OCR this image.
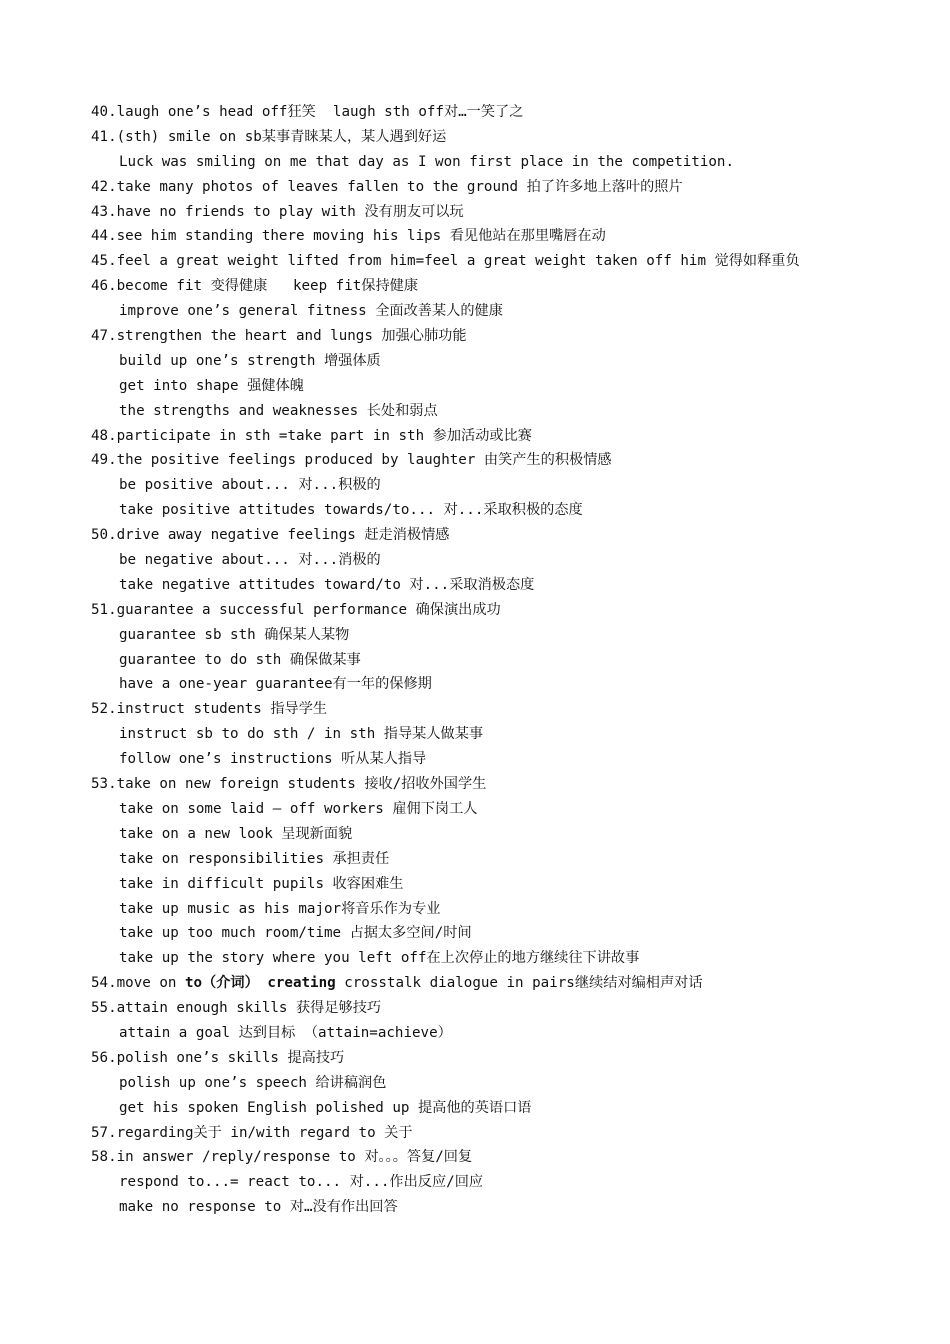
40.laugh one’s head off狂笑  laugh sth off对…一笑了之
41.(sth) smile on sb某事青睐某人，某人遇到好运
Luck was smiling on me that day as I won first place in the competition.
42.take many photos of leaves fallen to the ground 拍了许多地上落叶的照片
43.have no friends to play with 没有朋友可以玩
44.see him standing there moving his lips 看见他站在那里嘴唇在动
45.feel a great weight lifted from him=feel a great weight taken off him 觉得如释重负
46.become fit 变得健康   keep fit保持健康
improve one’s general fitness 全面改善某人的健康
47.strengthen the heart and lungs 加强心肺功能
build up one’s strength 增强体质
get into shape 强健体魄
the strengths and weaknesses 长处和弱点
48.participate in sth =take part in sth 参加活动或比赛
49.the positive feelings produced by laughter 由笑产生的积极情感
be positive about... 对...积极的
take positive attitudes towards/to... 对...采取积极的态度
50.drive away negative feelings 赶走消极情感
be negative about... 对...消极的
take negative attitudes toward/to 对...采取消极态度
51.guarantee a successful performance 确保演出成功
guarantee sb sth 确保某人某物
guarantee to do sth 确保做某事
have a one-year guarantee有一年的保修期
52.instruct students 指导学生
instruct sb to do sth / in sth 指导某人做某事
follow one’s instructions 听从某人指导
53.take on new foreign students 接收/招收外国学生
take on some laid – off workers 雇佣下岗工人
take on a new look 呈现新面貌
take on responsibilities 承担责任
take in difficult pupils 收容困难生
take up music as his major将音乐作为专业
take up too much room/time 占据太多空间/时间
take up the story where you left off在上次停止的地方继续往下讲故事
54.move on to（介词） creating crosstalk dialogue in pairs继续结对编相声对话
55.attain enough skills 获得足够技巧
attain a goal 达到目标 （attain=achieve）
56.polish one’s skills 提高技巧
polish up one’s speech 给讲稿润色
get his spoken English polished up 提高他的英语口语
57.regarding关于 in/with regard to 关于
58.in answer /reply/response to 对。。。答复/回复
respond to...= react to... 对...作出反应/回应
make no response to 对…没有作出回答
